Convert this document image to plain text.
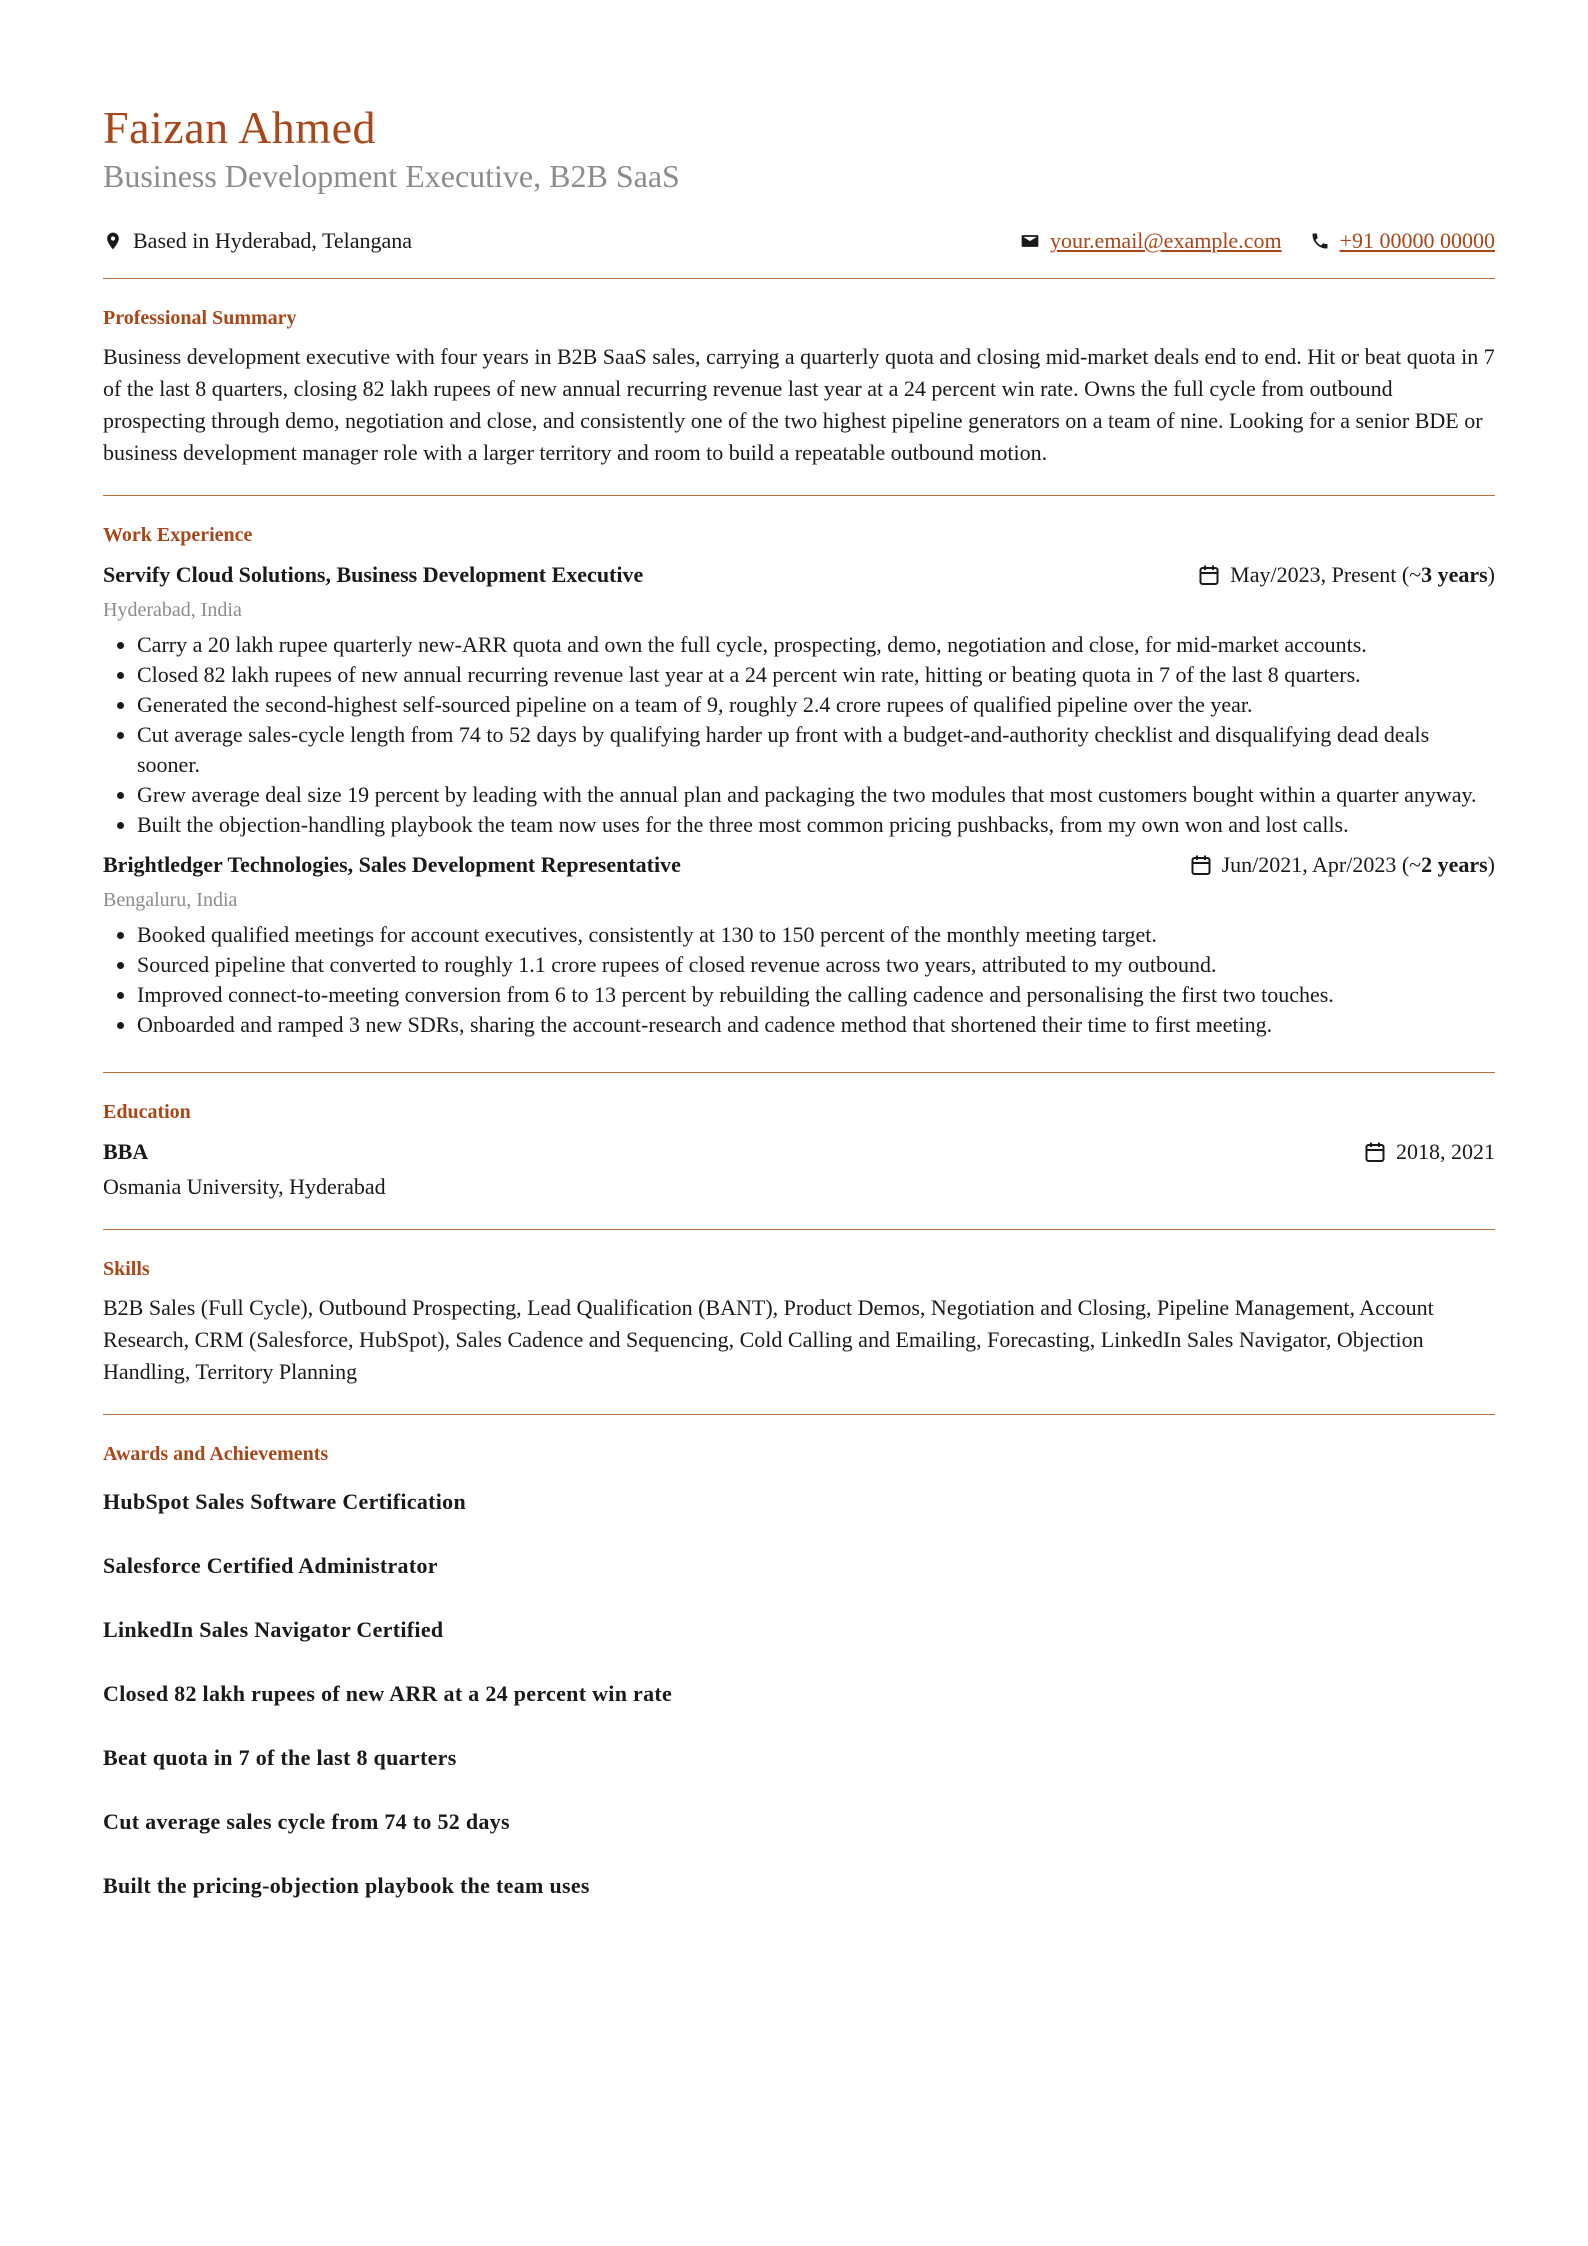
Faizan Ahmed
Business Development Executive, B2B SaaS
Based in Hyderabad, Telangana	your.email@example.com	+91 00000 00000
Professional Summary

Business development executive with four years in B2B SaaS sales, carrying a quarterly quota and closing mid-market deals end to end. Hit or beat quota in 7 of the last 8 quarters, closing 82 lakh rupees of new annual recurring revenue last year at a 24 percent win rate. Owns the full cycle from outbound prospecting through demo, negotiation and close, and consistently one of the two highest pipeline generators on a team of nine. Looking for a senior BDE or business development manager role with a larger territory and room to build a repeatable outbound motion.

Work Experience
Servify Cloud Solutions, Business Development Executive	May/2023, Present (~ 3 years )
Hyderabad, India
• Carry a 20 lakh rupee quarterly new-ARR quota and own the full cycle, prospecting, demo, negotiation and close, for mid-market accounts.
• Closed 82 lakh rupees of new annual recurring revenue last year at a 24 percent win rate, hitting or beating quota in 7 of the last 8 quarters.
• Generated the second-highest self-sourced pipeline on a team of 9, roughly 2.4 crore rupees of qualified pipeline over the year.
• Cut average sales-cycle length from 74 to 52 days by qualifying harder up front with a budget-and-authority checklist and disqualifying dead deals sooner.
• Grew average deal size 19 percent by leading with the annual plan and packaging the two modules that most customers bought within a quarter anyway.
• Built the objection-handling playbook the team now uses for the three most common pricing pushbacks, from my own won and lost calls.
Brightledger Technologies, Sales Development Representative	Jun/2021, Apr/2023 (~ 2 years )
Bengaluru, India
• Booked qualified meetings for account executives, consistently at 130 to 150 percent of the monthly meeting target.
• Sourced pipeline that converted to roughly 1.1 crore rupees of closed revenue across two years, attributed to my outbound.
• Improved connect-to-meeting conversion from 6 to 13 percent by rebuilding the calling cadence and personalising the first two touches.
• Onboarded and ramped 3 new SDRs, sharing the account-research and cadence method that shortened their time to first meeting.
Education
BBA	2018, 2021
Osmania University, Hyderabad
Skills

B2B Sales (Full Cycle), Outbound Prospecting, Lead Qualification (BANT), Product Demos, Negotiation and Closing, Pipeline Management, Account Research, CRM (Salesforce, HubSpot), Sales Cadence and Sequencing, Cold Calling and Emailing, Forecasting, LinkedIn Sales Navigator, Objection Handling, Territory Planning

Awards and Achievements
HubSpot Sales Software Certification
Salesforce Certified Administrator
LinkedIn Sales Navigator Certified
Closed 82 lakh rupees of new ARR at a 24 percent win rate
Beat quota in 7 of the last 8 quarters
Cut average sales cycle from 74 to 52 days
Built the pricing-objection playbook the team uses
